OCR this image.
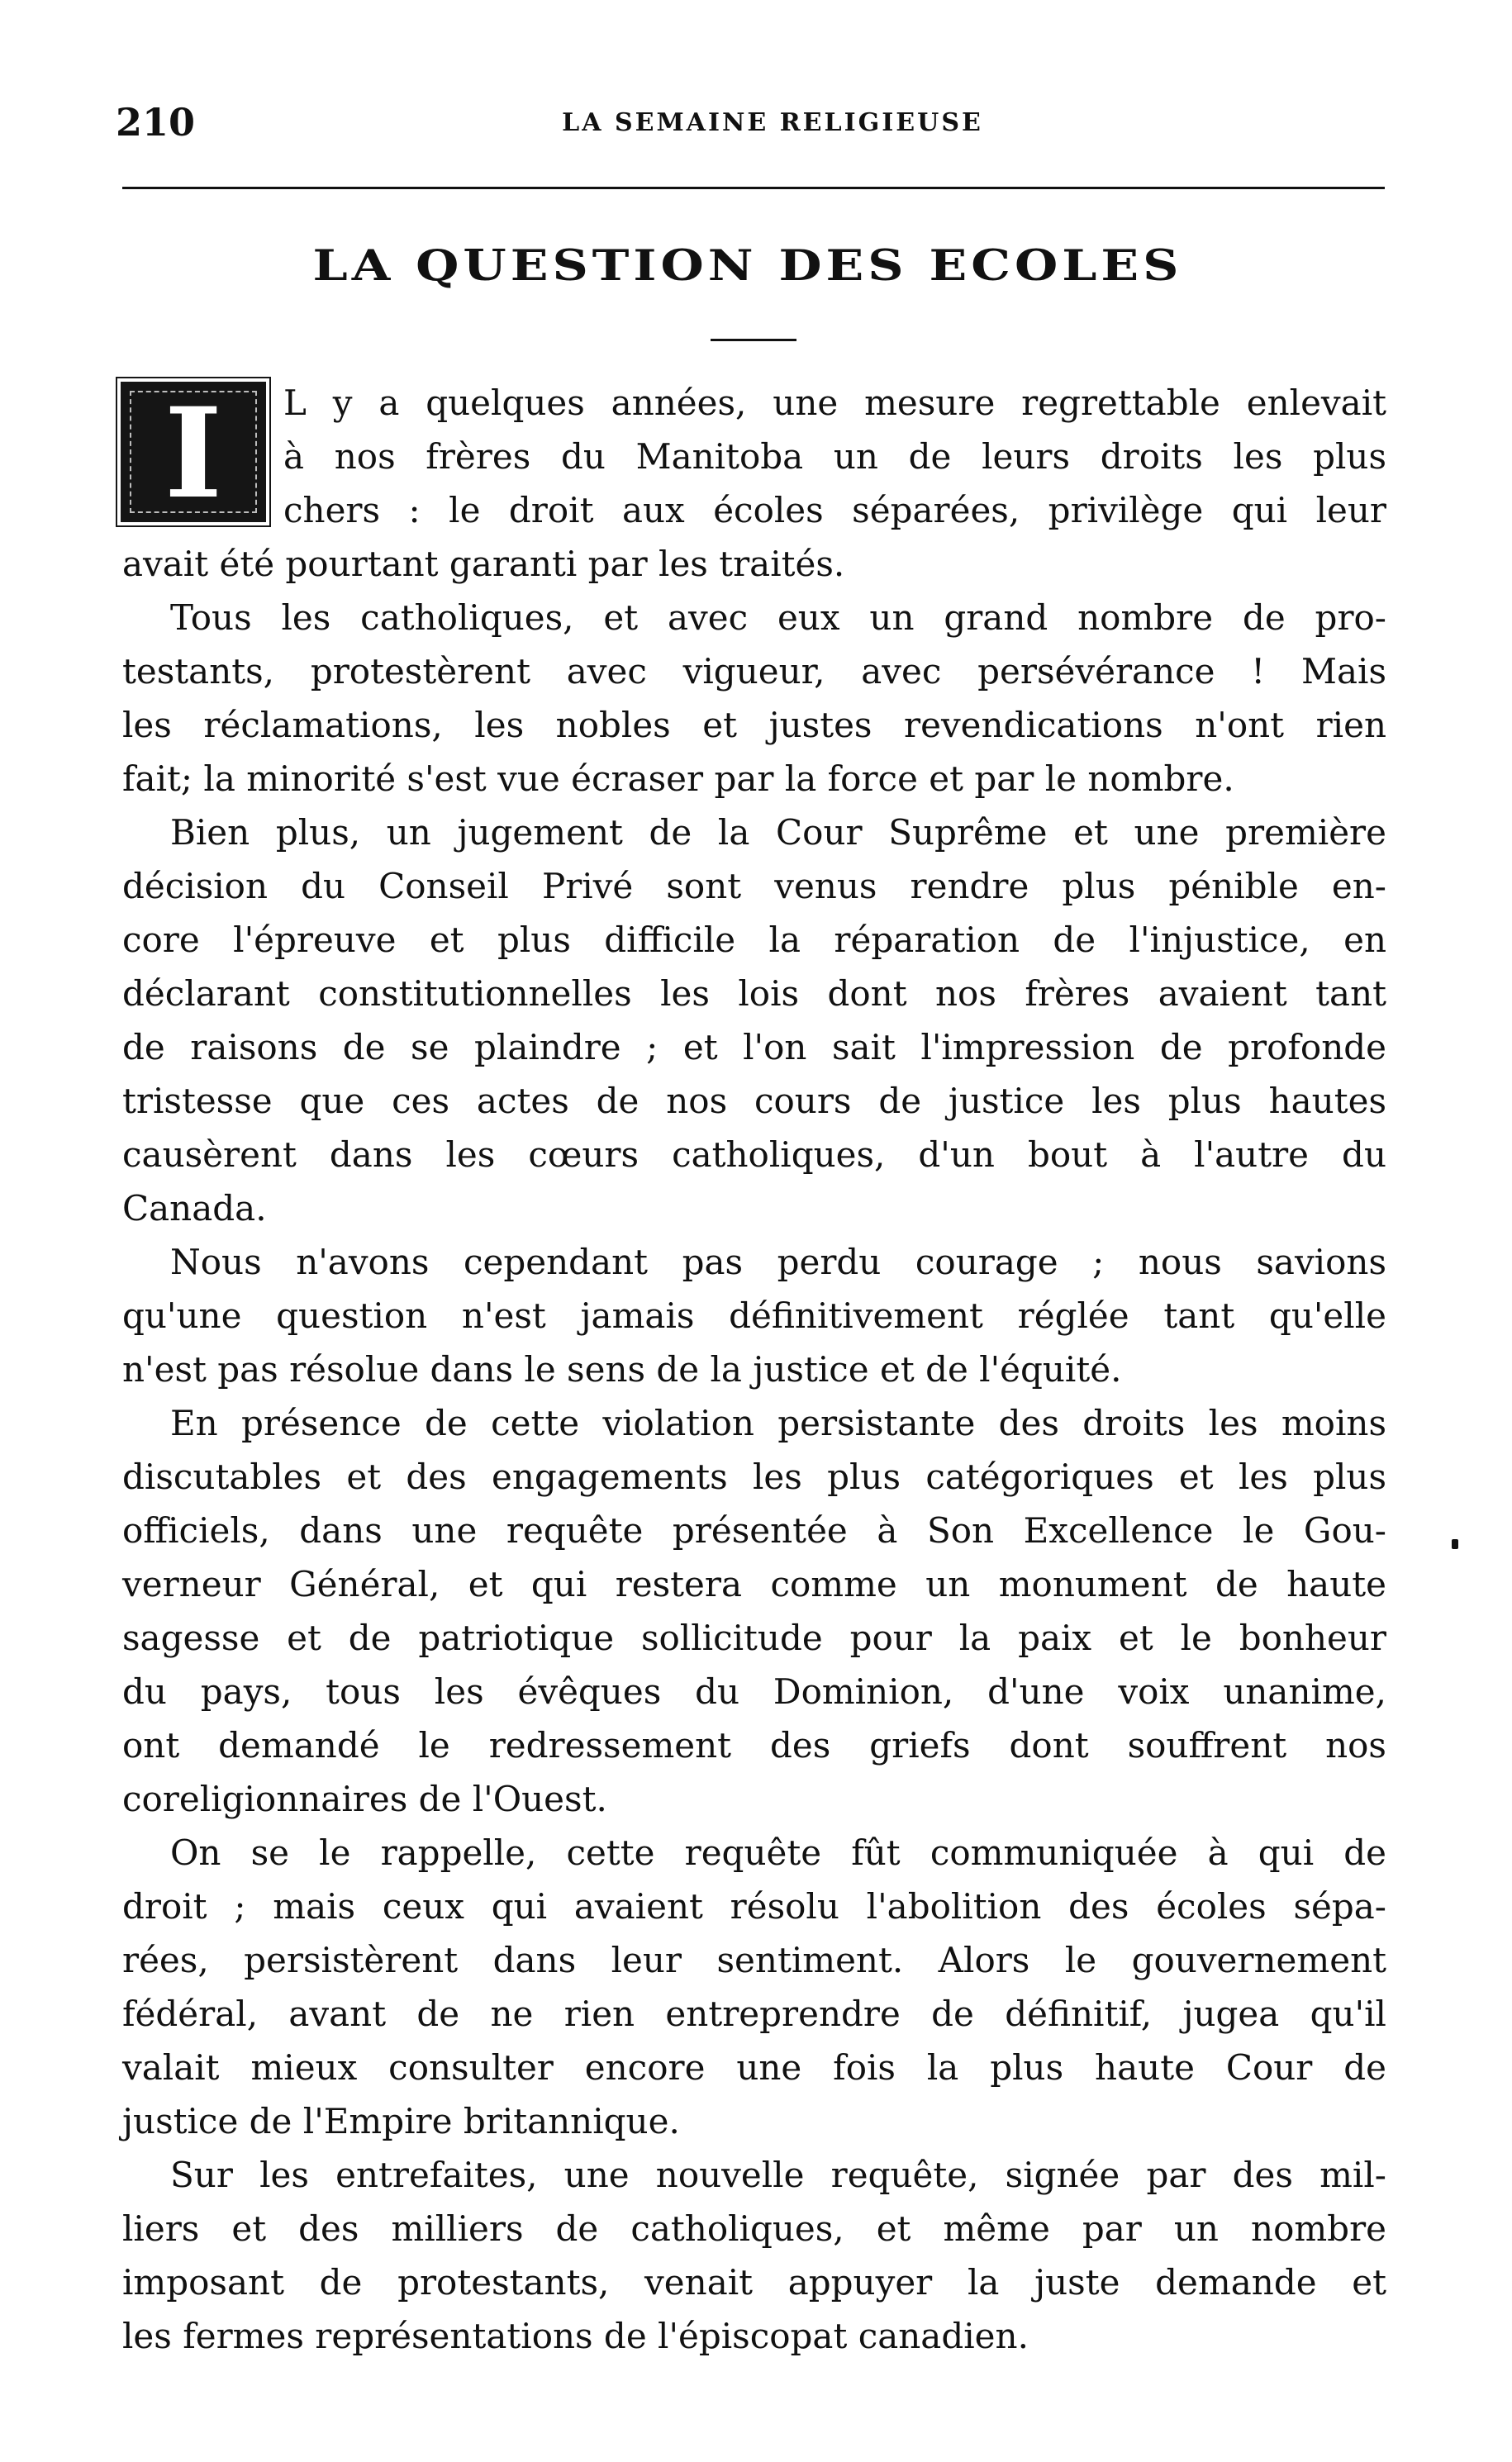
210	LA SEMAINE RELIGIEUSE
LA QUESTION DES ECOLES
I	L y a quelques années, une mesure regrettable enlevait
à nos frères du Manitoba un de leurs droits les plus
chers : le droit aux écoles séparées, privilège qui leur
avait été pourtant garanti par les traités.
Tous les catholiques, et avec eux un grand nombre de pro-
testants, protestèrent avec vigueur, avec persévérance ! Mais
les réclamations, les nobles et justes revendications n'ont rien
fait; la minorité s'est vue écraser par la force et par le nombre.
Bien plus, un jugement de la Cour Suprême et une première
décision du Conseil Privé sont venus rendre plus pénible en-
core l'épreuve et plus difficile la réparation de l'injustice, en
déclarant constitutionnelles les lois dont nos frères avaient tant
de raisons de se plaindre ; et l'on sait l'impression de profonde
tristesse que ces actes de nos cours de justice les plus hautes
causèrent dans les cœurs catholiques, d'un bout à l'autre du
Canada.
Nous n'avons cependant pas perdu courage ; nous savions
qu'une question n'est jamais définitivement réglée tant qu'elle
n'est pas résolue dans le sens de la justice et de l'équité.
En présence de cette violation persistante des droits les moins
discutables et des engagements les plus catégoriques et les plus
officiels, dans une requête présentée à Son Excellence le Gou-
verneur Général, et qui restera comme un monument de haute
sagesse et de patriotique sollicitude pour la paix et le bonheur
du pays, tous les évêques du Dominion, d'une voix unanime,
ont demandé le redressement des griefs dont souffrent nos
coreligionnaires de l'Ouest.
On se le rappelle, cette requête fût communiquée à qui de
droit ; mais ceux qui avaient résolu l'abolition des écoles sépa-
rées, persistèrent dans leur sentiment. Alors le gouvernement
fédéral, avant de ne rien entreprendre de définitif, jugea qu'il
valait mieux consulter encore une fois la plus haute Cour de
justice de l'Empire britannique.
Sur les entrefaites, une nouvelle requête, signée par des mil-
liers et des milliers de catholiques, et même par un nombre
imposant de protestants, venait appuyer la juste demande et
les fermes représentations de l'épiscopat canadien.
